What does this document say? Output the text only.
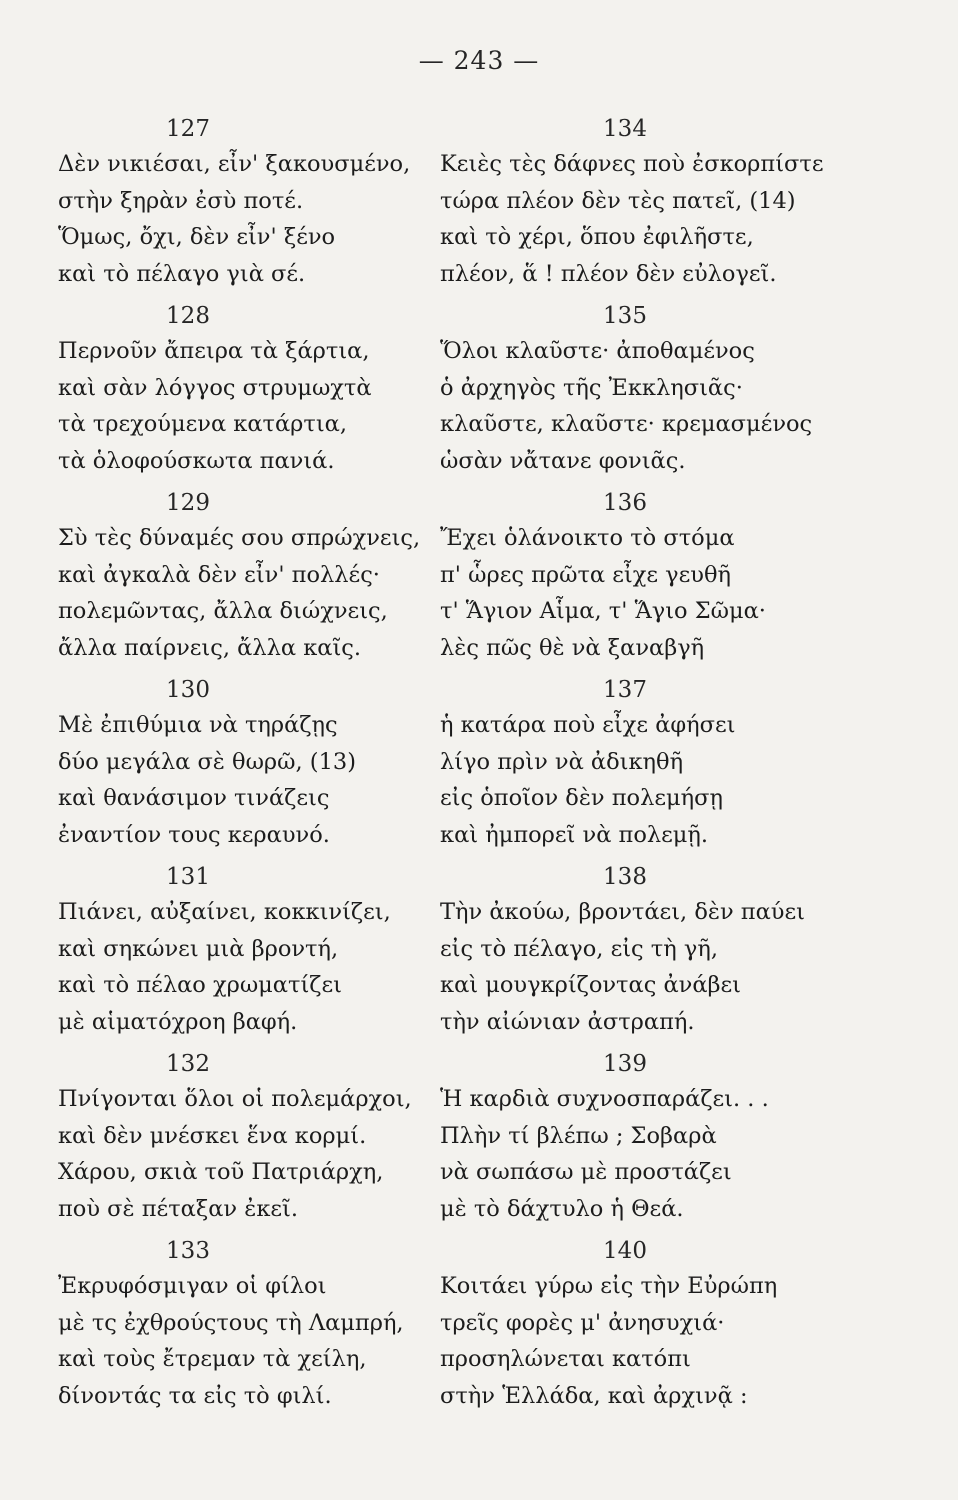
— 243 —
127
Δὲν νικιέσαι, εἶν' ξακουσμένο,
στὴν ξηρὰν ἐσὺ ποτέ.
Ὅμως, ὄχι, δὲν εἶν' ξένο
καὶ τὸ πέλαγο γιὰ σέ.
128
Περνοῦν ἄπειρα τὰ ξάρτια,
καὶ σὰν λόγγος στρυμωχτὰ
τὰ τρεχούμενα κατάρτια,
τὰ ὁλοφούσκωτα πανιά.
129
Σὺ τὲς δύναμές σου σπρώχνεις,
καὶ ἀγκαλὰ δὲν εἶν' πολλές·
πολεμῶντας, ἄλλα διώχνεις,
ἄλλα παίρνεις, ἄλλα καῖς.
130
Μὲ ἐπιθύμια νὰ τηράζῃς
δύο μεγάλα σὲ θωρῶ, (13)
καὶ θανάσιμον τινάζεις
ἐναντίον τους κεραυνό.
131
Πιάνει, αὐξαίνει, κοκκινίζει,
καὶ σηκώνει μιὰ βροντή,
καὶ τὸ πέλαο χρωματίζει
μὲ αἱματόχροη βαφή.
132
Πνίγονται ὅλοι οἱ πολεμάρχοι,
καὶ δὲν μνέσκει ἕνα κορμί.
Χάρου, σκιὰ τοῦ Πατριάρχη,
ποὺ σὲ πέταξαν ἐκεῖ.
133
Ἐκρυφόσμιγαν οἱ φίλοι
μὲ τς ἐχθρούςτους τὴ Λαμπρή,
καὶ τοὺς ἔτρεμαν τὰ χείλη,
δίνοντάς τα εἰς τὸ φιλί.
134
Κειὲς τὲς δάφνες ποὺ ἐσκορπίστε
τώρα πλέον δὲν τὲς πατεῖ, (14)
καὶ τὸ χέρι, ὅπου ἐφιλῆστε,
πλέον, ἅ ! πλέον δὲν εὐλογεῖ.
135
Ὅλοι κλαῦστε· ἀποθαμένος
ὁ ἀρχηγὸς τῆς Ἐκκλησιᾶς·
κλαῦστε, κλαῦστε· κρεμασμένος
ὡσὰν νἄτανε φονιᾶς.
136
Ἔχει ὁλάνοικτο τὸ στόμα
π' ὧρες πρῶτα εἶχε γευθῆ
τ' Ἅγιον Αἷμα, τ' Ἅγιο Σῶμα·
λὲς πῶς θὲ νὰ ξαναβγῆ
137
ἡ κατάρα ποὺ εἶχε ἀφήσει
λίγο πρὶν νὰ ἀδικηθῆ
εἰς ὁποῖον δὲν πολεμήσῃ
καὶ ἠμπορεῖ νὰ πολεμῇ.
138
Τὴν ἀκούω, βροντάει, δὲν παύει
εἰς τὸ πέλαγο, εἰς τὴ γῆ,
καὶ μουγκρίζοντας ἀνάβει
τὴν αἰώνιαν ἀστραπή.
139
Ἡ καρδιὰ συχνοσπαράζει. . .
Πλὴν τί βλέπω ; Σοβαρὰ
νὰ σωπάσω μὲ προστάζει
μὲ τὸ δάχτυλο ἡ Θεά.
140
Κοιτάει γύρω εἰς τὴν Εὐρώπη
τρεῖς φορὲς μ' ἀνησυχιά·
προσηλώνεται κατόπι
στὴν Ἑλλάδα, καὶ ἀρχινᾷ :
